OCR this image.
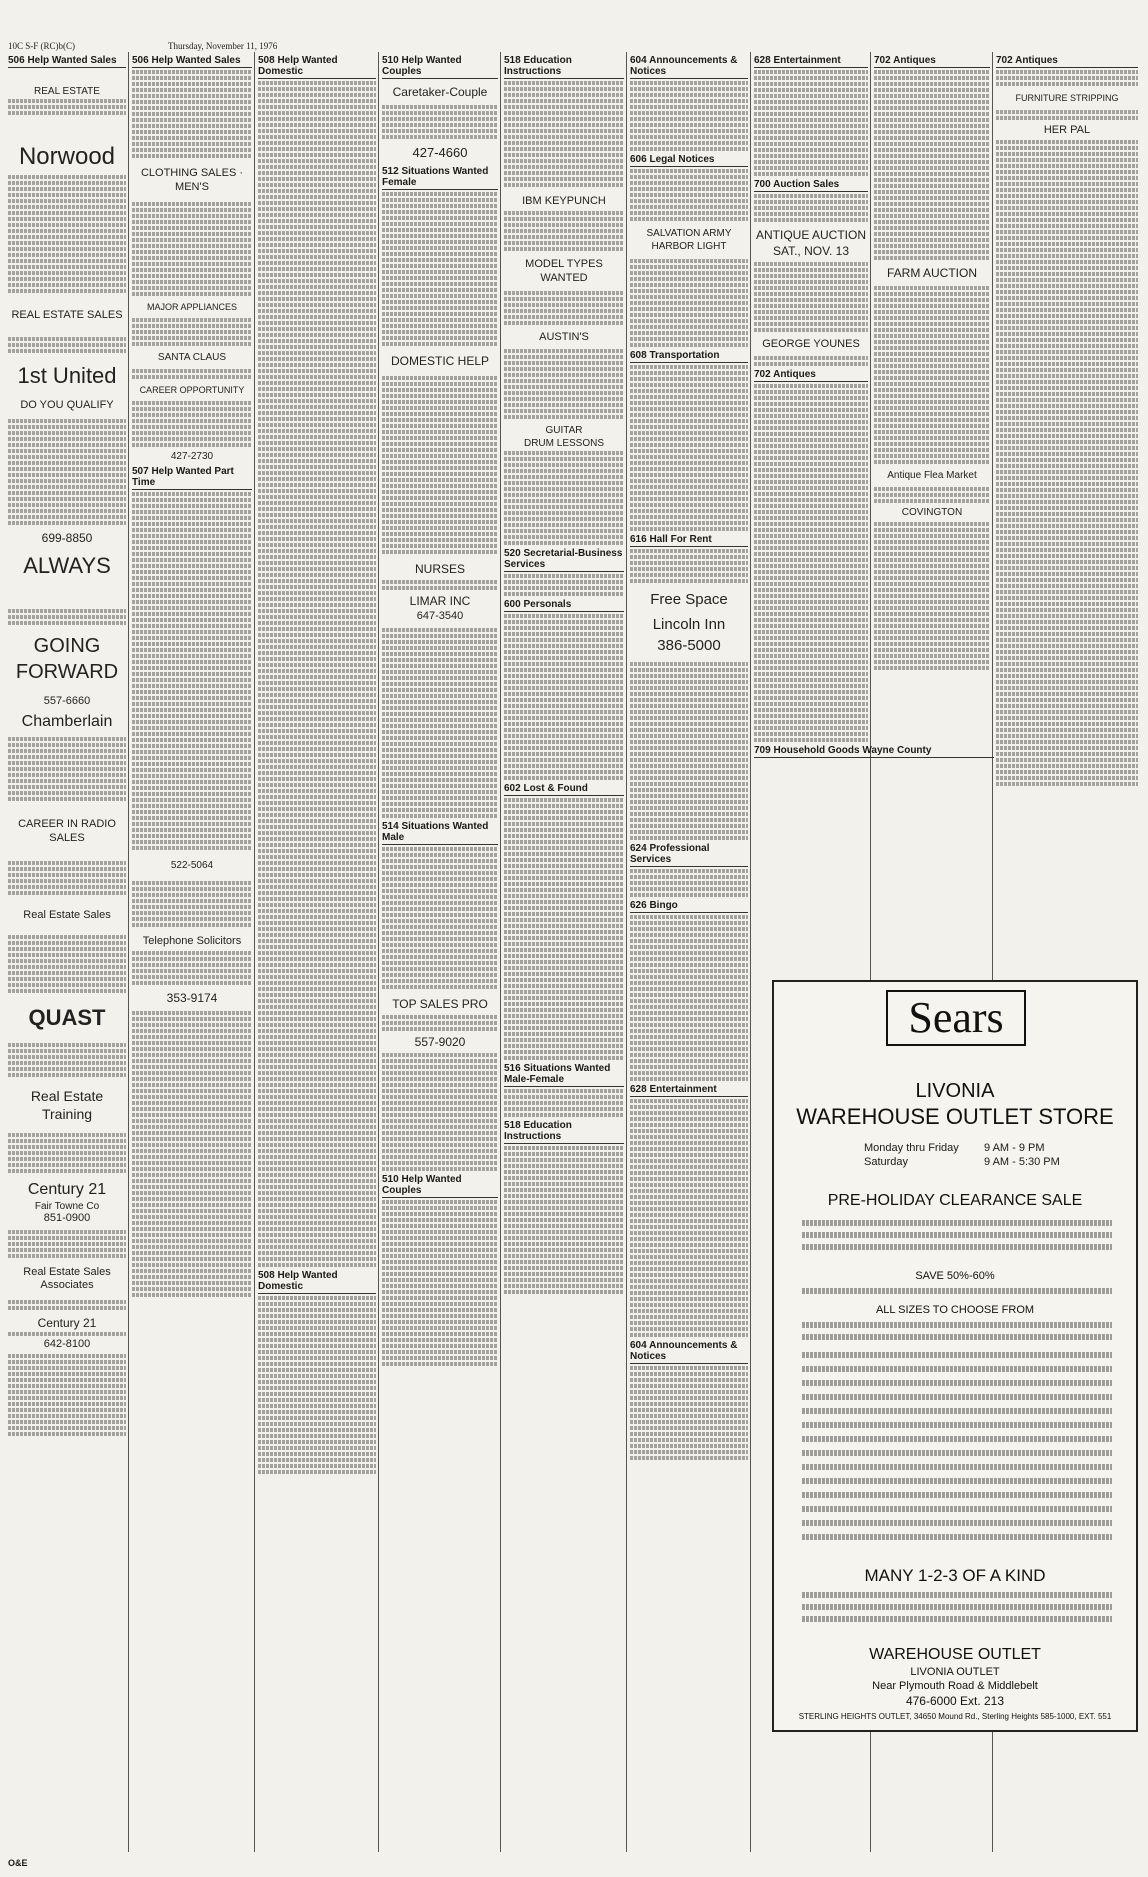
10C S-F (RC)b(C)	Thursday, November 11, 1976
506 Help Wanted Sales
REAL ESTATE
Norwood
REAL ESTATE SALES
1st United
DO YOU QUALIFY
699-8850
ALWAYS
GOING FORWARD
557-6660
Chamberlain
CAREER IN RADIO SALES
Real Estate Sales
QUAST
Real Estate Training
Century 21
Fair Towne Co
851-0900
Real Estate Sales Associates
Century 21
642-8100
506 Help Wanted Sales
CLOTHING SALES · MEN'S
MAJOR APPLIANCES
SANTA CLAUS
CAREER OPPORTUNITY
427-2730
507 Help Wanted Part Time
522-5064
Telephone Solicitors
353-9174
508 Help Wanted Domestic
508 Help Wanted Domestic
510 Help Wanted Couples
Caretaker-Couple
427-4660
512 Situations Wanted Female
DOMESTIC HELP
NURSES
LIMAR INC
647-3540
514 Situations Wanted Male
TOP SALES PRO
557-9020
510 Help Wanted Couples
518 Education Instructions
IBM KEYPUNCH
MODEL TYPES WANTED
AUSTIN'S
GUITAR
DRUM LESSONS
520 Secretarial-Business Services
600 Personals
602 Lost & Found
516 Situations Wanted Male-Female
518 Education Instructions
604 Announcements & Notices
606 Legal Notices
SALVATION ARMY HARBOR LIGHT
608 Transportation
616 Hall For Rent
Free Space
Lincoln Inn
386-5000
624 Professional Services
626 Bingo
628 Entertainment
604 Announcements & Notices
628 Entertainment
700 Auction Sales
ANTIQUE AUCTION
SAT., NOV. 13
GEORGE YOUNES
702 Antiques
709 Household Goods Wayne County
702 Antiques
FARM AUCTION
Antique Flea Market
COVINGTON
702 Antiques
FURNITURE STRIPPING
HER PAL
Sears
LIVONIA
WAREHOUSE OUTLET STORE
Monday thru Friday 9 AM - 9 PM
Saturday	9 AM - 5:30 PM
PRE-HOLIDAY CLEARANCE SALE
SAVE 50%-60%
ALL SIZES TO CHOOSE FROM
MANY 1-2-3 OF A KIND
WAREHOUSE OUTLET
LIVONIA OUTLET
Near Plymouth Road & Middlebelt
476-6000 Ext. 213
STERLING HEIGHTS OUTLET, 34650 Mound Rd., Sterling Heights 585-1000, EXT. 551
O&E
